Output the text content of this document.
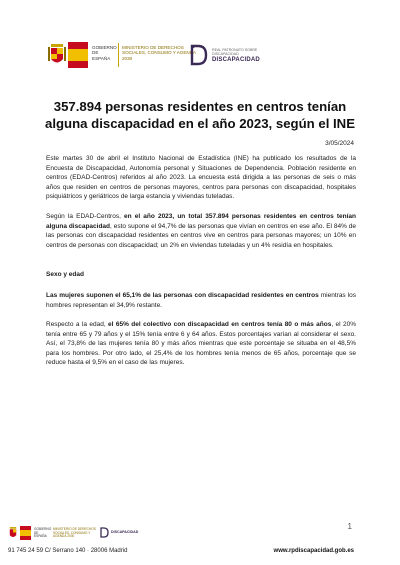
GOBIERNO DE ESPAÑA
MINISTERIO DE DERECHOS SOCIALES, CONSUMO Y AGENDA 2030
REAL PATRONATO SOBRE DISCAPACIDAD
DISCAPACIDAD
357.894 personas residentes en centros tenían alguna discapacidad en el año 2023, según el INE
3/05/2024

Este martes 30 de abril el Instituto Nacional de Estadística (INE) ha publicado los resultados de la Encuesta de Discapacidad, Autonomía personal y Situaciones de Dependencia. Población residente en centros (EDAD-Centros) referidos al año 2023. La encuesta está dirigida a las personas de seis o más años que residen en centros de personas mayores, centros para personas con discapacidad, hospitales psiquiátricos y geriátricos de larga estancia y viviendas tuteladas.

Según la EDAD-Centros, en el año 2023, un total 357.894 personas residentes en centros tenían alguna discapacidad, esto supone el 94,7% de las personas que vivían en centros en ese año. El 84% de las personas con discapacidad residentes en centros vive en centros para personas mayores; un 10% en centros de personas con discapacidad; un 2% en viviendas tuteladas y un 4% residía en hospitales.

Sexo y edad

Las mujeres suponen el 65,1% de las personas con discapacidad residentes en centros mientras los hombres representan el 34,9% restante.

Respecto a la edad, el 65% del colectivo con discapacidad en centros tenía 80 o más años, el 20% tenía entre 65 y 79 años y el 15% tenía entre 6 y 64 años. Estos porcentajes varían al considerar el sexo. Así, el 73,8% de las mujeres tenía 80 y más años mientras que este porcentaje se situaba en el 48,5% para los hombres. Por otro lado, el 25,4% de los hombres tenía menos de 65 años, porcentaje que se reduce hasta el 9,5% en el caso de las mujeres.

1
GOBIERNO DE ESPAÑA
MINISTERIO DE DERECHOS SOCIALES, CONSUMO Y AGENDA 2030
DISCAPACIDAD
91 745 24 59 C/ Serrano 140 · 28006 Madrid	www.rpdiscapacidad.gob.es
